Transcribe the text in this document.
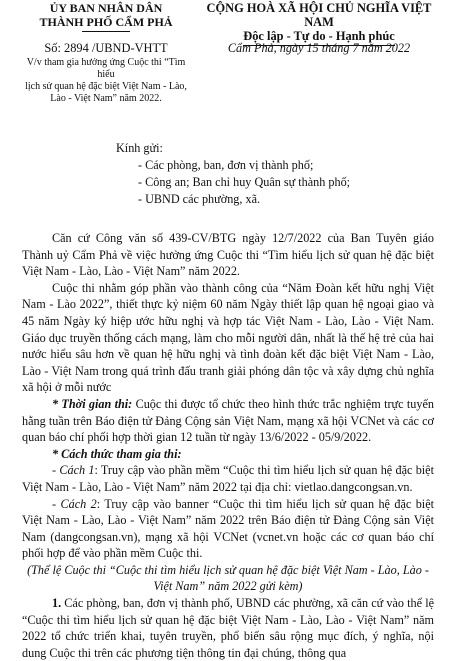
ỦY BAN NHÂN DÂN
THÀNH PHỐ CẨM PHẢ
Số: 2894 /UBND-VHTT
V/v tham gia hưởng ứng Cuộc thi “Tìm hiểu
lịch sử quan hệ đặc biệt Việt Nam - Lào,
Lào - Việt Nam” năm 2022.
CỘNG HOÀ XÃ HỘI CHỦ NGHĨA VIỆT NAM
Độc lập - Tự do - Hạnh phúc
Cẩm Phả, ngày 15 tháng 7 năm 2022
Kính gửi:
- Các phòng, ban, đơn vị thành phố;
- Công an; Ban chỉ huy Quân sự thành phố;
- UBND các phường, xã.

Căn cứ Công văn số 439-CV/BTG ngày 12/7/2022 của Ban Tuyên giáo Thành uỷ Cẩm Phả về việc hưởng ứng Cuộc thi “Tìm hiểu lịch sử quan hệ đặc biệt Việt Nam - Lào, Lào - Việt Nam” năm 2022.

Cuộc thi nhằm góp phần vào thành công của “Năm Đoàn kết hữu nghị Việt Nam - Lào 2022”, thiết thực kỷ niệm 60 năm Ngày thiết lập quan hệ ngoại giao và 45 năm Ngày ký hiệp ước hữu nghị và hợp tác Việt Nam - Lào, Lào - Việt Nam. Giáo dục truyền thống cách mạng, làm cho mỗi người dân, nhất là thế hệ trẻ của hai nước hiểu sâu hơn về quan hệ hữu nghị và tình đoàn kết đặc biệt Việt Nam - Lào, Lào - Việt Nam trong quá trình đấu tranh giải phóng dân tộc và xây dựng chủ nghĩa xã hội ở mỗi nước

* Thời gian thi: Cuộc thi được tổ chức theo hình thức trắc nghiệm trực tuyến hằng tuần trên Báo điện tử Đảng Cộng sản Việt Nam, mạng xã hội VCNet và các cơ quan báo chí phối hợp thời gian 12 tuần từ ngày 13/6/2022 - 05/9/2022.

* Cách thức tham gia thi:

- Cách 1: Truy cập vào phần mềm “Cuộc thi tìm hiểu lịch sử quan hệ đặc biệt Việt Nam - Lào, Lào - Việt Nam” năm 2022 tại địa chỉ: vietlao.dangcongsan.vn.

- Cách 2: Truy cập vào banner “Cuộc thi tìm hiểu lịch sử quan hệ đặc biệt Việt Nam - Lào, Lào - Việt Nam” năm 2022 trên Báo điện tử Đảng Cộng sản Việt Nam (dangcongsan.vn), mạng xã hội VCNet (vcnet.vn hoặc các cơ quan báo chí phối hợp để vào phần mềm Cuộc thi.

(Thể lệ Cuộc thi “Cuộc thi tìm hiểu lịch sử quan hệ đặc biệt Việt Nam - Lào, Lào - Việt Nam” năm 2022 gửi kèm)

1. Các phòng, ban, đơn vị thành phố, UBND các phường, xã căn cứ vào thể lệ “Cuộc thi tìm hiểu lịch sử quan hệ đặc biệt Việt Nam - Lào, Lào - Việt Nam” năm 2022 tổ chức triển khai, tuyên truyền, phổ biến sâu rộng mục đích, ý nghĩa, nội dung Cuộc thi trên các phương tiện thông tin đại chúng, thông qua
